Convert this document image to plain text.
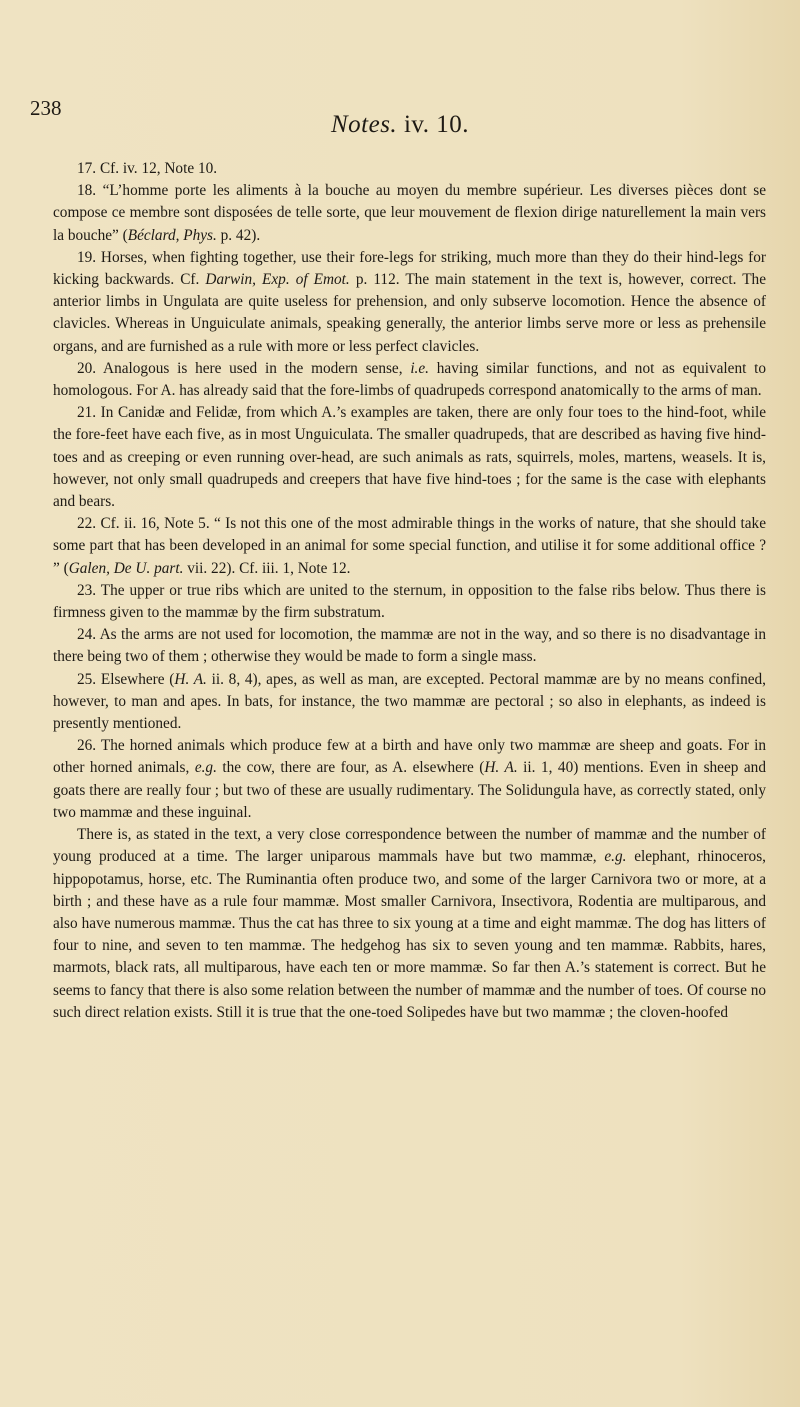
238
Notes. iv. 10.

17. Cf. iv. 12, Note 10.

18. “L’homme porte les aliments à la bouche au moyen du membre supérieur. Les diverses pièces dont se compose ce membre sont disposées de telle sorte, que leur mouvement de flexion dirige naturellement la main vers la bouche” (Béclard, Phys. p. 42).

19. Horses, when fighting together, use their fore-legs for striking, much more than they do their hind-legs for kicking backwards. Cf. Darwin, Exp. of Emot. p. 112. The main statement in the text is, however, correct. The anterior limbs in Ungulata are quite useless for prehension, and only subserve locomotion. Hence the absence of clavicles. Whereas in Unguiculate animals, speaking generally, the anterior limbs serve more or less as prehensile organs, and are furnished as a rule with more or less perfect clavicles.

20. Analogous is here used in the modern sense, i.e. having similar functions, and not as equivalent to homologous. For A. has already said that the fore-limbs of quadrupeds correspond anatomically to the arms of man.

21. In Canidæ and Felidæ, from which A.’s examples are taken, there are only four toes to the hind-foot, while the fore-feet have each five, as in most Unguiculata. The smaller quadrupeds, that are described as having five hind-toes and as creeping or even running over-head, are such animals as rats, squirrels, moles, martens, weasels. It is, however, not only small quadrupeds and creepers that have five hind-toes ; for the same is the case with elephants and bears.

22. Cf. ii. 16, Note 5. “ Is not this one of the most admirable things in the works of nature, that she should take some part that has been developed in an animal for some special function, and utilise it for some additional office ? ” (Galen, De U. part. vii. 22). Cf. iii. 1, Note 12.

23. The upper or true ribs which are united to the sternum, in opposition to the false ribs below. Thus there is firmness given to the mammæ by the firm substratum.

24. As the arms are not used for locomotion, the mammæ are not in the way, and so there is no disadvantage in there being two of them ; otherwise they would be made to form a single mass.

25. Elsewhere (H. A. ii. 8, 4), apes, as well as man, are excepted. Pectoral mammæ are by no means confined, however, to man and apes. In bats, for instance, the two mammæ are pectoral ; so also in elephants, as indeed is presently mentioned.

26. The horned animals which produce few at a birth and have only two mammæ are sheep and goats. For in other horned animals, e.g. the cow, there are four, as A. elsewhere (H. A. ii. 1, 40) mentions. Even in sheep and goats there are really four ; but two of these are usually rudimentary. The Solidungula have, as correctly stated, only two mammæ and these inguinal.

There is, as stated in the text, a very close correspondence between the number of mammæ and the number of young produced at a time. The larger uniparous mammals have but two mammæ, e.g. elephant, rhinoceros, hippopotamus, horse, etc. The Ruminantia often produce two, and some of the larger Carnivora two or more, at a birth ; and these have as a rule four mammæ. Most smaller Carnivora, Insectivora, Rodentia are multiparous, and also have numerous mammæ. Thus the cat has three to six young at a time and eight mammæ. The dog has litters of four to nine, and seven to ten mammæ. The hedgehog has six to seven young and ten mammæ. Rabbits, hares, marmots, black rats, all multiparous, have each ten or more mammæ. So far then A.’s statement is correct. But he seems to fancy that there is also some relation between the number of mammæ and the number of toes. Of course no such direct relation exists. Still it is true that the one-toed Solipedes have but two mammæ ; the cloven-hoofed
